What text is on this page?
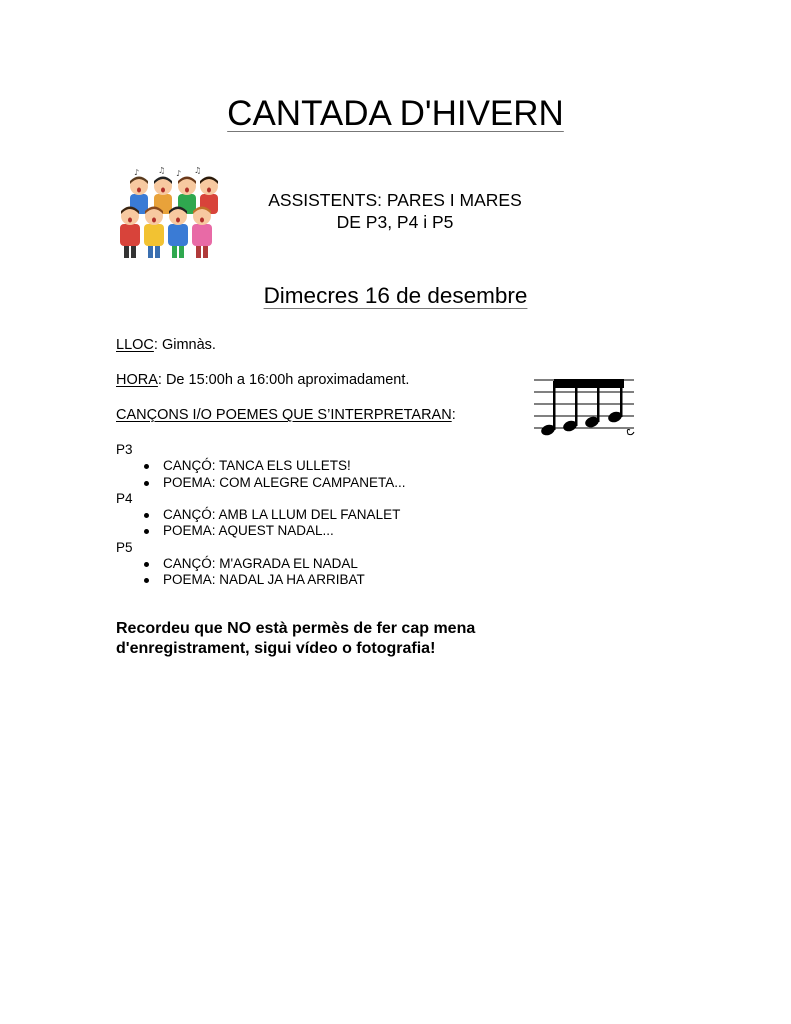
CANTADA D'HIVERN
♪ ♫ ♪ ♫
ASSISTENTS: PARES I MARES
DE P3, P4 i P5
Dimecres 16 de desembre
LLOC: Gimnàs.
HORA: De 15:00h a 16:00h aproximadament.
CANÇONS I/O POEMES QUE S’INTERPRETARAN:
P3
CANÇÓ: TANCA ELS ULLETS!
POEMA: COM ALEGRE CAMPANETA...
P4
CANÇÓ: AMB LA LLUM DEL FANALET
POEMA: AQUEST NADAL...
P5
CANÇÓ: M'AGRADA EL NADAL
POEMA: NADAL JA HA ARRIBAT
Recordeu que NO està permès de fer cap mena
d'enregistrament, sigui vídeo o fotografia!
